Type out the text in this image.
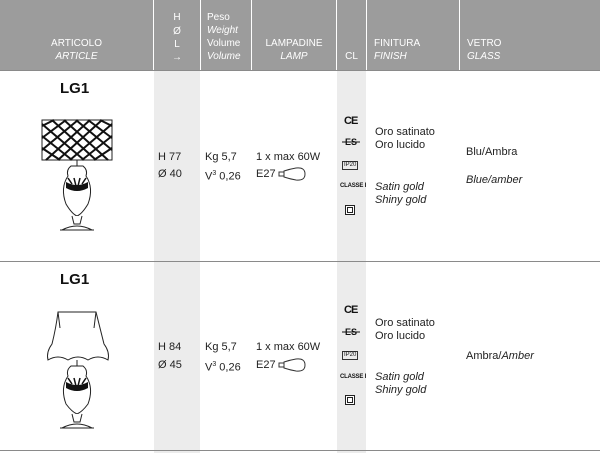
ARTICOLO
ARTICLE
H
Ø
L
→
Peso
Weight
Volume
Volume
LAMPADINE
LAMP	CL
FINITURA
FINISH
VETRO
GLASS
LG1
H 77
Ø 40
Kg 5,7
$V^3$ 0,26
1 x max 60W
E27
CE
ES
IP20
CLASSE I
Oro satinato
Oro lucido
Satin gold
Shiny gold
Blu/Ambra
Blue/amber
LG1
H 84
Ø 45
Kg 5,7
$V^3$ 0,26
1 x max 60W
E27
CE
ES
IP20
CLASSE I
Oro satinato
Oro lucido
Satin gold
Shiny gold
Ambra/Amber
